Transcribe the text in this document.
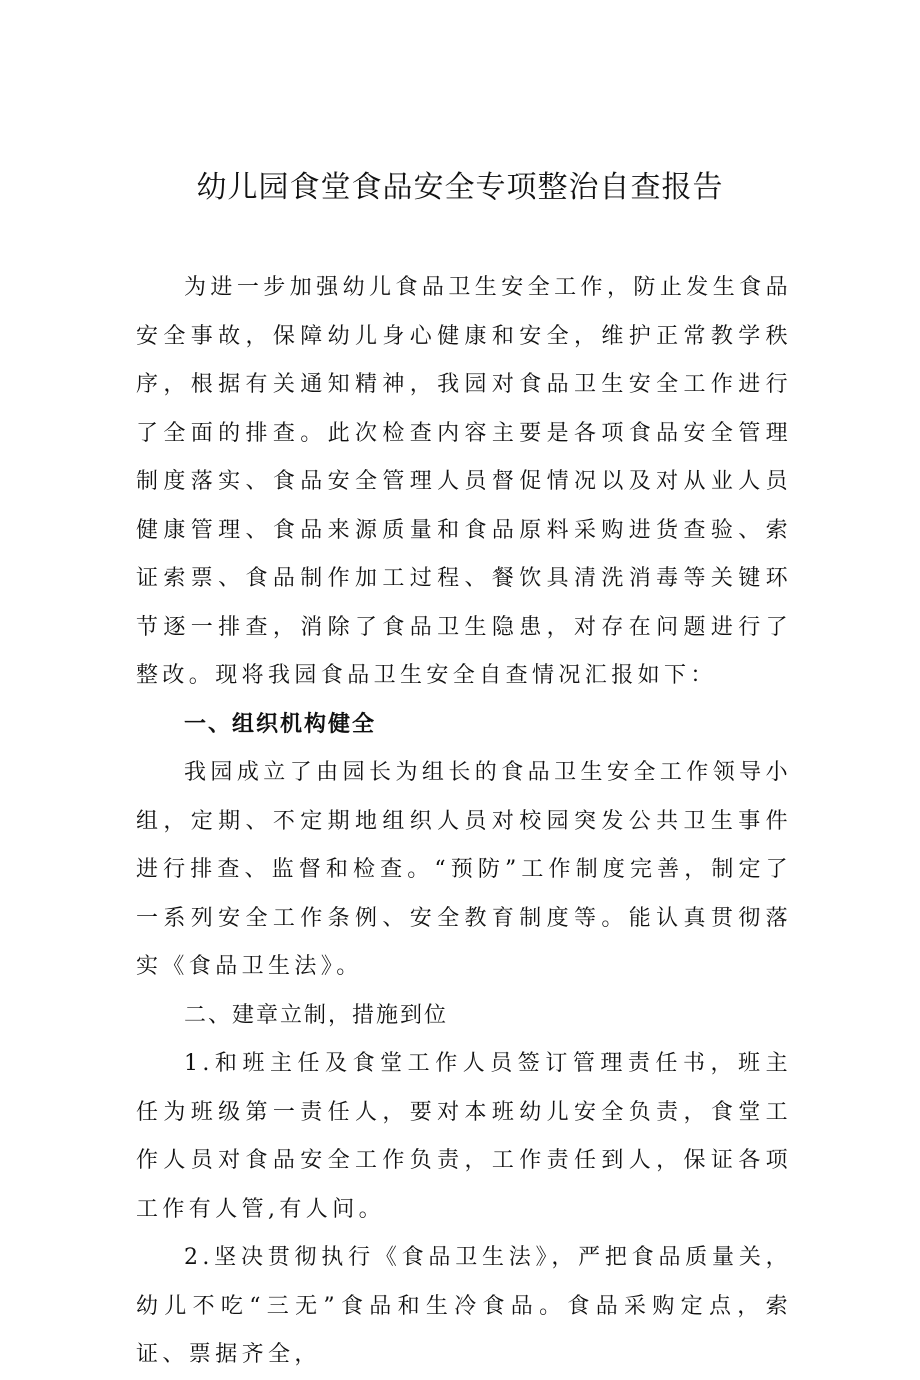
幼儿园食堂食品安全专项整治自查报告

为进一步加强幼儿食品卫生安全工作，防止发生食品安全事故，保障幼儿身心健康和安全，维护正常教学秩序，根据有关通知精神，我园对食品卫生安全工作进行了全面的排查。此次检查内容主要是各项食品安全管理制度落实、食品安全管理人员督促情况以及对从业人员健康管理、食品来源质量和食品原料采购进货查验、索证索票、食品制作加工过程、餐饮具清洗消毒等关键环节逐一排查，消除了食品卫生隐患，对存在问题进行了整改。现将我园食品卫生安全自查情况汇报如下：

一、组织机构健全

我园成立了由园长为组长的食品卫生安全工作领导小组，定期、不定期地组织人员对校园突发公共卫生事件进行排查、监督和检查。“预防”工作制度完善，制定了一系列安全工作条例、安全教育制度等。能认真贯彻落实《食品卫生法》。

二、建章立制，措施到位

1.和班主任及食堂工作人员签订管理责任书，班主任为班级第一责任人，要对本班幼儿安全负责，食堂工作人员对食品安全工作负责，工作责任到人，保证各项工作有人管,有人问。

2.坚决贯彻执行《食品卫生法》，严把食品质量关，幼儿不吃“三无”食品和生冷食品。食品采购定点，索证、票据齐全，
